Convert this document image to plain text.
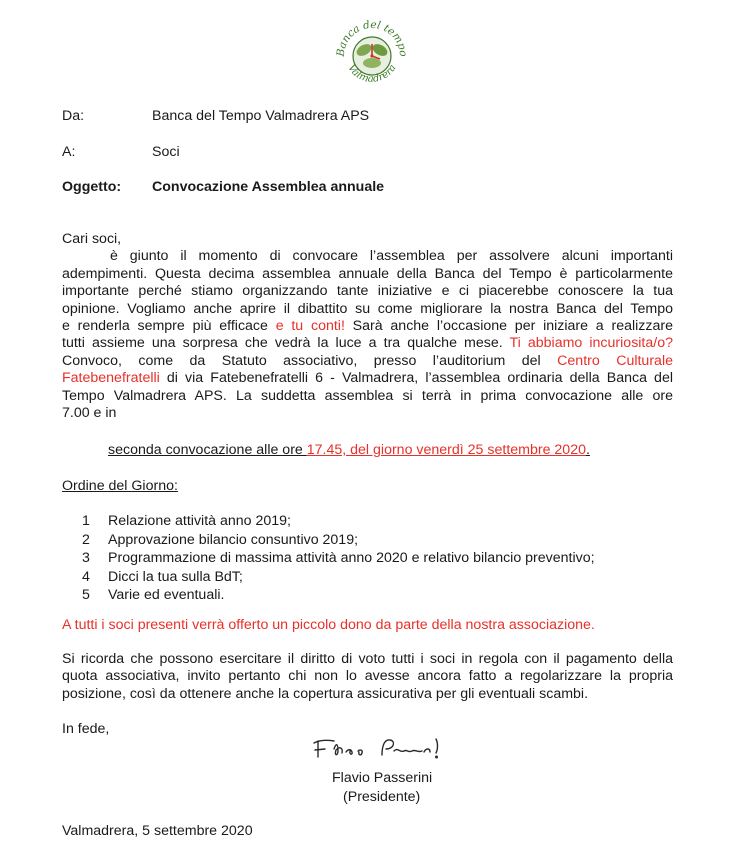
Banca del tempo
Valmadrera
Da:	Banca del Tempo Valmadrera APS
A:	Soci
Oggetto: Convocazione Assemblea annuale
Cari soci,
è giunto il momento di convocare l’assemblea per assolvere alcuni importanti
adempimenti. Questa decima assemblea annuale della Banca del Tempo è particolarmente
importante perché stiamo organizzando tante iniziative e ci piacerebbe conoscere la tua
opinione. Vogliamo anche aprire il dibattito su come migliorare la nostra Banca del Tempo
e renderla sempre più efficace e tu conti! Sarà anche l’occasione per iniziare a realizzare
tutti assieme una sorpresa che vedrà la luce a tra qualche mese. Ti abbiamo incuriosita/o?
Convoco, come da Statuto associativo, presso l’auditorium del Centro Culturale
Fatebenefratelli di via Fatebenefratelli 6 - Valmadrera, l’assemblea ordinaria della Banca del
Tempo Valmadrera APS. La suddetta assemblea si terrà in prima convocazione alle ore
7.00 e in
seconda convocazione alle ore 17.45, del giorno venerdì 25 settembre 2020.
Ordine del Giorno:
1 Relazione attività anno 2019;
2 Approvazione bilancio consuntivo 2019;
3 Programmazione di massima attività anno 2020 e relativo bilancio preventivo;
4 Dicci la tua sulla BdT;
5 Varie ed eventuali.
A tutti i soci presenti verrà offerto un piccolo dono da parte della nostra associazione.
Si ricorda che possono esercitare il diritto di voto tutti i soci in regola con il pagamento della
quota associativa, invito pertanto chi non lo avesse ancora fatto a regolarizzare la propria
posizione, così da ottenere anche la copertura assicurativa per gli eventuali scambi.
In fede,
Flavio Passerini
(Presidente)
Valmadrera, 5 settembre 2020
